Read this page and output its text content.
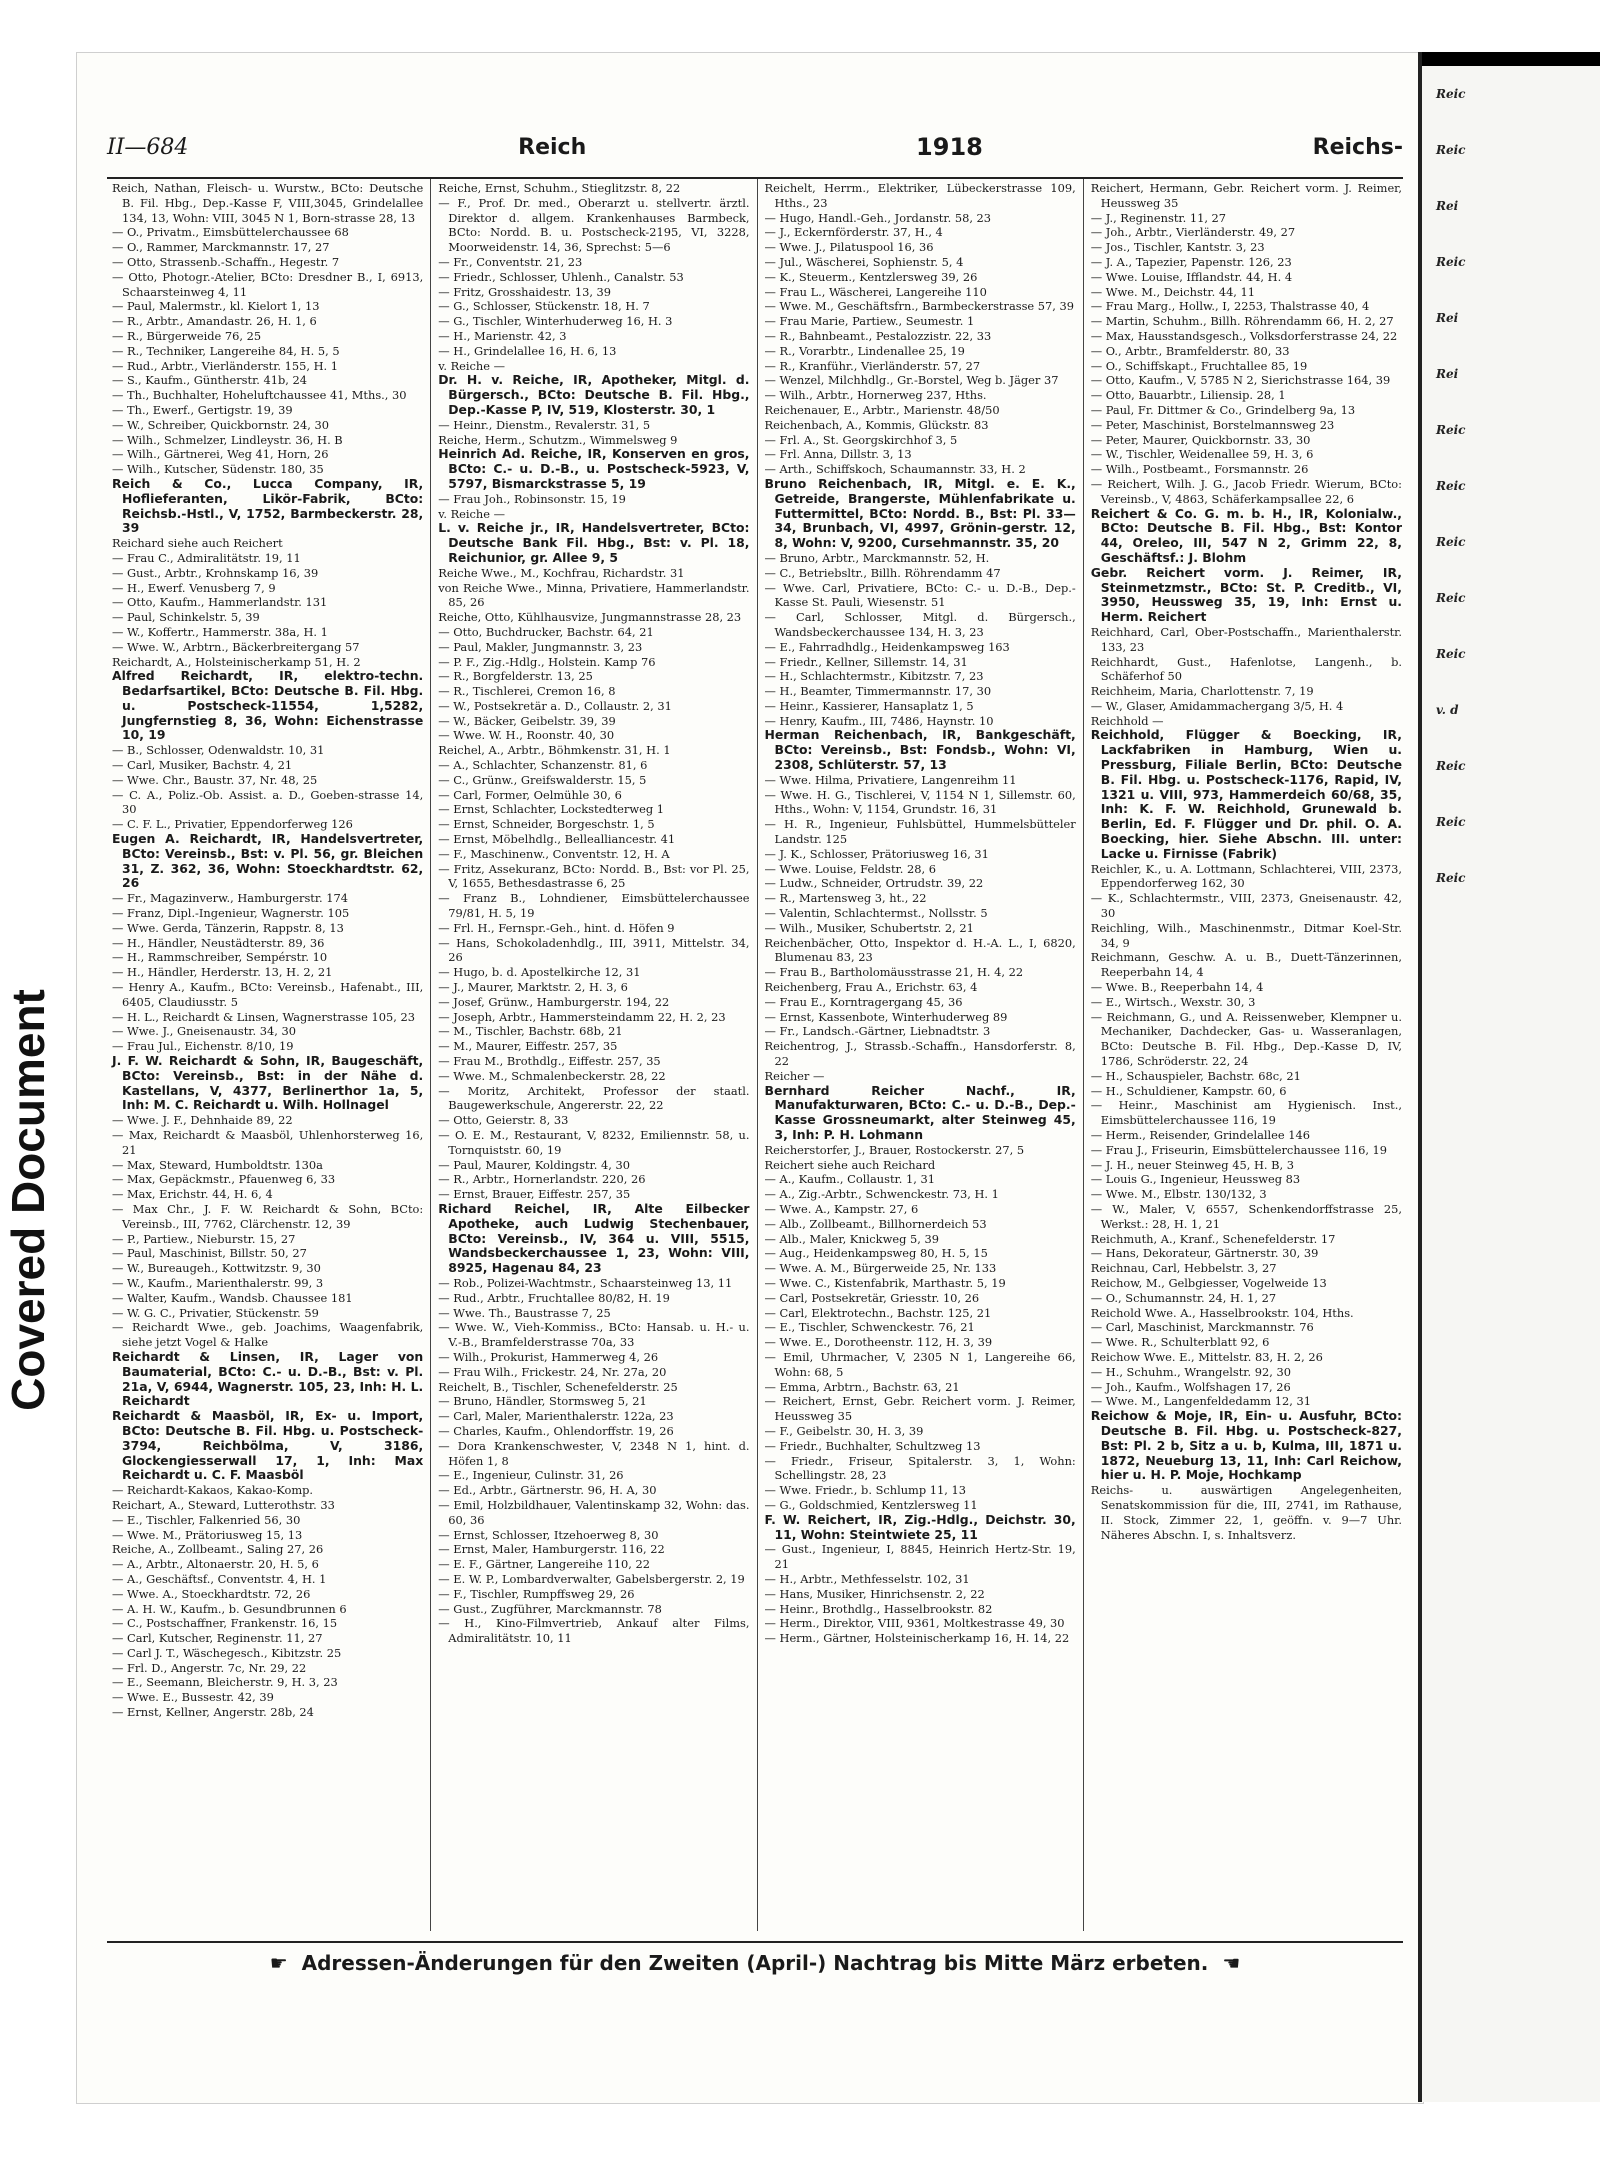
Covered Document
II—684	Reich	1918	Reichs-

Reich, Nathan, Fleisch- u. Wurstw., BCto: Deutsche B. Fil. Hbg., Dep.-Kasse F, VIII,3045, Grindelallee 134, 13, Wohn: VIII, 3045 N 1, Born-strasse 28, 13

— O., Privatm., Eimsbüttelerchaussee 68

— O., Rammer, Marckmannstr. 17, 27

— Otto, Strassenb.-Schaffn., Hegestr. 7

— Otto, Photogr.-Atelier, BCto: Dresdner B., I, 6913, Schaarsteinweg 4, 11

— Paul, Malermstr., kl. Kielort 1, 13

— R., Arbtr., Amandastr. 26, H. 1, 6

— R., Bürgerweide 76, 25

— R., Techniker, Langereihe 84, H. 5, 5

— Rud., Arbtr., Vierländerstr. 155, H. 1

— S., Kaufm., Güntherstr. 41b, 24

— Th., Buchhalter, Hoheluftchaussee 41, Mths., 30

— Th., Ewerf., Gertigstr. 19, 39

— W., Schreiber, Quickbornstr. 24, 30

— Wilh., Schmelzer, Lindleystr. 36, H. B

— Wilh., Gärtnerei, Weg 41, Horn, 26

— Wilh., Kutscher, Südenstr. 180, 35

Reich & Co., Lucca Company, IR, Hoflieferanten, Likör-Fabrik, BCto: Reichsb.-Hstl., V, 1752, Barmbeckerstr. 28, 39

Reichard siehe auch Reichert

— Frau C., Admiralitätstr. 19, 11

— Gust., Arbtr., Krohnskamp 16, 39

— H., Ewerf. Venusberg 7, 9

— Otto, Kaufm., Hammerlandstr. 131

— Paul, Schinkelstr. 5, 39

— W., Koffertr., Hammerstr. 38a, H. 1

— Wwe. W., Arbtrn., Bäckerbreitergang 57

Reichardt, A., Holsteinischerkamp 51, H. 2

Alfred Reichardt, IR, elektro-techn. Bedarfsartikel, BCto: Deutsche B. Fil. Hbg. u. Postscheck-11554, 1,5282, Jungfernstieg 8, 36, Wohn: Eichenstrasse 10, 19

— B., Schlosser, Odenwaldstr. 10, 31

— Carl, Musiker, Bachstr. 4, 21

— Wwe. Chr., Baustr. 37, Nr. 48, 25

— C. A., Poliz.-Ob. Assist. a. D., Goeben-strasse 14, 30

— C. F. L., Privatier, Eppendorferweg 126

Eugen A. Reichardt, IR, Handelsvertreter, BCto: Vereinsb., Bst: v. Pl. 56, gr. Bleichen 31, Z. 362, 36, Wohn: Stoeckhardtstr. 62, 26

— Fr., Magazinverw., Hamburgerstr. 174

— Franz, Dipl.-Ingenieur, Wagnerstr. 105

— Wwe. Gerda, Tänzerin, Rappstr. 8, 13

— H., Händler, Neustädterstr. 89, 36

— H., Rammschreiber, Sempérstr. 10

— H., Händler, Herderstr. 13, H. 2, 21

— Henry A., Kaufm., BCto: Vereinsb., Hafenabt., III, 6405, Claudiusstr. 5

— H. L., Reichardt & Linsen, Wagnerstrasse 105, 23

— Wwe. J., Gneisenaustr. 34, 30

— Frau Jul., Eichenstr. 8/10, 19

J. F. W. Reichardt & Sohn, IR, Baugeschäft, BCto: Vereinsb., Bst: in der Nähe d. Kastellans, V, 4377, Berlinerthor 1a, 5, Inh: M. C. Reichardt u. Wilh. Hollnagel

— Wwe. J. F., Dehnhaide 89, 22

— Max, Reichardt & Maasböl, Uhlenhorsterweg 16, 21

— Max, Steward, Humboldtstr. 130a

— Max, Gepäckmstr., Pfauenweg 6, 33

— Max, Erichstr. 44, H. 6, 4

— Max Chr., J. F. W. Reichardt & Sohn, BCto: Vereinsb., III, 7762, Clärchenstr. 12, 39

— P., Partiew., Nieburstr. 15, 27

— Paul, Maschinist, Billstr. 50, 27

— W., Bureaugeh., Kottwitzstr. 9, 30

— W., Kaufm., Marienthalerstr. 99, 3

— Walter, Kaufm., Wandsb. Chaussee 181

— W. G. C., Privatier, Stückenstr. 59

— Reichardt Wwe., geb. Joachims, Waagenfabrik, siehe jetzt Vogel & Halke

Reichardt & Linsen, IR, Lager von Baumaterial, BCto: C.- u. D.-B., Bst: v. Pl. 21a, V, 6944, Wagnerstr. 105, 23, Inh: H. L. Reichardt

Reichardt & Maasböl, IR, Ex- u. Import, BCto: Deutsche B. Fil. Hbg. u. Postscheck-3794, Reichbölma, V, 3186, Glockengiesserwall 17, 1, Inh: Max Reichardt u. C. F. Maasböl

— Reichardt-Kakaos, Kakao-Komp.

Reichart, A., Steward, Lutterothstr. 33

— E., Tischler, Falkenried 56, 30

— Wwe. M., Prätoriusweg 15, 13

Reiche, A., Zollbeamt., Saling 27, 26

— A., Arbtr., Altonaerstr. 20, H. 5, 6

— A., Geschäftsf., Conventstr. 4, H. 1

— Wwe. A., Stoeckhardtstr. 72, 26

— A. H. W., Kaufm., b. Gesundbrunnen 6

— C., Postschaffner, Frankenstr. 16, 15

— Carl, Kutscher, Reginenstr. 11, 27

— Carl J. T., Wäschegesch., Kibitzstr. 25

— Frl. D., Angerstr. 7c, Nr. 29, 22

— E., Seemann, Bleicherstr. 9, H. 3, 23

— Wwe. E., Bussestr. 42, 39

— Ernst, Kellner, Angerstr. 28b, 24

Reiche, Ernst, Schuhm., Stieglitzstr. 8, 22

— F., Prof. Dr. med., Oberarzt u. stellvertr. ärztl. Direktor d. allgem. Krankenhauses Barmbeck, BCto: Nordd. B. u. Postscheck-2195, VI, 3228, Moorweidenstr. 14, 36, Sprechst: 5—6

— Fr., Conventstr. 21, 23

— Friedr., Schlosser, Uhlenh., Canalstr. 53

— Fritz, Grosshaidestr. 13, 39

— G., Schlosser, Stückenstr. 18, H. 7

— G., Tischler, Winterhuderweg 16, H. 3

— H., Marienstr. 42, 3

— H., Grindelallee 16, H. 6, 13

v. Reiche —

Dr. H. v. Reiche, IR, Apotheker, Mitgl. d. Bürgersch., BCto: Deutsche B. Fil. Hbg., Dep.-Kasse P, IV, 519, Klosterstr. 30, 1

— Heinr., Dienstm., Revalerstr. 31, 5

Reiche, Herm., Schutzm., Wimmelsweg 9

Heinrich Ad. Reiche, IR, Konserven en gros, BCto: C.- u. D.-B., u. Postscheck-5923, V, 5797, Bismarckstrasse 5, 19

— Frau Joh., Robinsonstr. 15, 19

v. Reiche —

L. v. Reiche jr., IR, Handelsvertreter, BCto: Deutsche Bank Fil. Hbg., Bst: v. Pl. 18, Reichunior, gr. Allee 9, 5

Reiche Wwe., M., Kochfrau, Richardstr. 31

von Reiche Wwe., Minna, Privatiere, Hammerlandstr. 85, 26

Reiche, Otto, Kühlhausvize, Jungmannstrasse 28, 23

— Otto, Buchdrucker, Bachstr. 64, 21

— Paul, Makler, Jungmannstr. 3, 23

— P. F., Zig.-Hdlg., Holstein. Kamp 76

— R., Borgfelderstr. 13, 25

— R., Tischlerei, Cremon 16, 8

— W., Postsekretär a. D., Collaustr. 2, 31

— W., Bäcker, Geibelstr. 39, 39

— Wwe. W. H., Roonstr. 40, 30

Reichel, A., Arbtr., Böhmkenstr. 31, H. 1

— A., Schlachter, Schanzenstr. 81, 6

— C., Grünw., Greifswalderstr. 15, 5

— Carl, Former, Oelmühle 30, 6

— Ernst, Schlachter, Lockstedterweg 1

— Ernst, Schneider, Borgeschstr. 1, 5

— Ernst, Möbelhdlg., Bellealliancestr. 41

— F., Maschinenw., Conventstr. 12, H. A

— Fritz, Assekuranz, BCto: Nordd. B., Bst: vor Pl. 25, V, 1655, Bethesdastrasse 6, 25

— Franz B., Lohndiener, Eimsbüttelerchaussee 79/81, H. 5, 19

— Frl. H., Fernspr.-Geh., hint. d. Höfen 9

— Hans, Schokoladenhdlg., III, 3911, Mittelstr. 34, 26

— Hugo, b. d. Apostelkirche 12, 31

— J., Maurer, Marktstr. 2, H. 3, 6

— Josef, Grünw., Hamburgerstr. 194, 22

— Joseph, Arbtr., Hammersteindamm 22, H. 2, 23

— M., Tischler, Bachstr. 68b, 21

— M., Maurer, Eiffestr. 257, 35

— Frau M., Brothdlg., Eiffestr. 257, 35

— Wwe. M., Schmalenbeckerstr. 28, 22

— Moritz, Architekt, Professor der staatl. Baugewerkschule, Angererstr. 22, 22

— Otto, Geierstr. 8, 33

— O. E. M., Restaurant, V, 8232, Emiliennstr. 58, u. Tornquiststr. 60, 19

— Paul, Maurer, Koldingstr. 4, 30

— R., Arbtr., Hornerlandstr. 220, 26

— Ernst, Brauer, Eiffestr. 257, 35

Richard Reichel, IR, Alte Eilbecker Apotheke, auch Ludwig Stechenbauer, BCto: Vereinsb., IV, 364 u. VIII, 5515, Wandsbeckerchaussee 1, 23, Wohn: VIII, 8925, Hagenau 84, 23

— Rob., Polizei-Wachtmstr., Schaarsteinweg 13, 11

— Rud., Arbtr., Fruchtallee 80/82, H. 19

— Wwe. Th., Baustrasse 7, 25

— Wwe. W., Vieh-Kommiss., BCto: Hansab. u. H.- u. V.-B., Bramfelderstrasse 70a, 33

— Wilh., Prokurist, Hammerweg 4, 26

— Frau Wilh., Frickestr. 24, Nr. 27a, 20

Reichelt, B., Tischler, Schenefelderstr. 25

— Bruno, Händler, Stormsweg 5, 21

— Carl, Maler, Marienthalerstr. 122a, 23

— Charles, Kaufm., Ohlendorffstr. 19, 26

— Dora Krankenschwester, V, 2348 N 1, hint. d. Höfen 1, 8

— E., Ingenieur, Culinstr. 31, 26

— Ed., Arbtr., Gärtnerstr. 96, H. A, 30

— Emil, Holzbildhauer, Valentinskamp 32, Wohn: das. 60, 36

— Ernst, Schlosser, Itzehoerweg 8, 30

— Ernst, Maler, Hamburgerstr. 116, 22

— E. F., Gärtner, Langereihe 110, 22

— E. W. P., Lombardverwalter, Gabelsbergerstr. 2, 19

— F., Tischler, Rumpffsweg 29, 26

— Gust., Zugführer, Marckmannstr. 78

— H., Kino-Filmvertrieb, Ankauf alter Films, Admiralitätstr. 10, 11

Reichelt, Herrm., Elektriker, Lübeckerstrasse 109, Hths., 23

— Hugo, Handl.-Geh., Jordanstr. 58, 23

— J., Eckernförderstr. 37, H., 4

— Wwe. J., Pilatuspool 16, 36

— Jul., Wäscherei, Sophienstr. 5, 4

— K., Steuerm., Kentzlersweg 39, 26

— Frau L., Wäscherei, Langereihe 110

— Wwe. M., Geschäftsfrn., Barmbeckerstrasse 57, 39

— Frau Marie, Partiew., Seumestr. 1

— R., Bahnbeamt., Pestalozzistr. 22, 33

— R., Vorarbtr., Lindenallee 25, 19

— R., Kranführ., Vierländerstr. 57, 27

— Wenzel, Milchhdlg., Gr.-Borstel, Weg b. Jäger 37

— Wilh., Arbtr., Hornerweg 237, Hths.

Reichenauer, E., Arbtr., Marienstr. 48/50

Reichenbach, A., Kommis, Glückstr. 83

— Frl. A., St. Georgskirchhof 3, 5

— Frl. Anna, Dillstr. 3, 13

— Arth., Schiffskoch, Schaumannstr. 33, H. 2

Bruno Reichenbach, IR, Mitgl. e. E. K., Getreide, Brangerste, Mühlenfabrikate u. Futtermittel, BCto: Nordd. B., Bst: Pl. 33—34, Brunbach, VI, 4997, Grönin-gerstr. 12, 8, Wohn: V, 9200, Cursehmannstr. 35, 20

— Bruno, Arbtr., Marckmannstr. 52, H.

— C., Betriebsltr., Billh. Röhrendamm 47

— Wwe. Carl, Privatiere, BCto: C.- u. D.-B., Dep.-Kasse St. Pauli, Wiesenstr. 51

— Carl, Schlosser, Mitgl. d. Bürgersch., Wandsbeckerchaussee 134, H. 3, 23

— E., Fahrradhdlg., Heidenkampsweg 163

— Friedr., Kellner, Sillemstr. 14, 31

— H., Schlachtermstr., Kibitzstr. 7, 23

— H., Beamter, Timmermannstr. 17, 30

— Heinr., Kassierer, Hansaplatz 1, 5

— Henry, Kaufm., III, 7486, Haynstr. 10

Herman Reichenbach, IR, Bankgeschäft, BCto: Vereinsb., Bst: Fondsb., Wohn: VI, 2308, Schlüterstr. 57, 13

— Wwe. Hilma, Privatiere, Langenreihm 11

— Wwe. H. G., Tischlerei, V, 1154 N 1, Sillemstr. 60, Hths., Wohn: V, 1154, Grundstr. 16, 31

— H. R., Ingenieur, Fuhlsbüttel, Hummelsbütteler Landstr. 125

— J. K., Schlosser, Prätoriusweg 16, 31

— Wwe. Louise, Feldstr. 28, 6

— Ludw., Schneider, Ortrudstr. 39, 22

— R., Martensweg 3, ht., 22

— Valentin, Schlachtermst., Nollsstr. 5

— Wilh., Musiker, Schubertstr. 2, 21

Reichenbächer, Otto, Inspektor d. H.-A. L., I, 6820, Blumenau 83, 23

— Frau B., Bartholomäusstrasse 21, H. 4, 22

Reichenberg, Frau A., Erichstr. 63, 4

— Frau E., Korntragergang 45, 36

— Ernst, Kassenbote, Winterhuderweg 89

— Fr., Landsch.-Gärtner, Liebnadtstr. 3

Reichentrog, J., Strassb.-Schaffn., Hansdorferstr. 8, 22

Reicher —

Bernhard Reicher Nachf., IR, Manufakturwaren, BCto: C.- u. D.-B., Dep.-Kasse Grossneumarkt, alter Steinweg 45, 3, Inh: P. H. Lohmann

Reicherstorfer, J., Brauer, Rostockerstr. 27, 5

Reichert siehe auch Reichard

— A., Kaufm., Collaustr. 1, 31

— A., Zig.-Arbtr., Schwenckestr. 73, H. 1

— Wwe. A., Kampstr. 27, 6

— Alb., Zollbeamt., Billhornerdeich 53

— Alb., Maler, Knickweg 5, 39

— Aug., Heidenkampsweg 80, H. 5, 15

— Wwe. A. M., Bürgerweide 25, Nr. 133

— Wwe. C., Kistenfabrik, Marthastr. 5, 19

— Carl, Postsekretär, Griesstr. 10, 26

— Carl, Elektrotechn., Bachstr. 125, 21

— E., Tischler, Schwenckestr. 76, 21

— Wwe. E., Dorotheenstr. 112, H. 3, 39

— Emil, Uhrmacher, V, 2305 N 1, Langereihe 66, Wohn: 68, 5

— Emma, Arbtrn., Bachstr. 63, 21

— Reichert, Ernst, Gebr. Reichert vorm. J. Reimer, Heussweg 35

— F., Geibelstr. 30, H. 3, 39

— Friedr., Buchhalter, Schultzweg 13

— Friedr., Friseur, Spitalerstr. 3, 1, Wohn: Schellingstr. 28, 23

— Wwe. Friedr., b. Schlump 11, 13

— G., Goldschmied, Kentzlersweg 11

F. W. Reichert, IR, Zig.-Hdlg., Deichstr. 30, 11, Wohn: Steintwiete 25, 11

— Gust., Ingenieur, I, 8845, Heinrich Hertz-Str. 19, 21

— H., Arbtr., Methfesselstr. 102, 31

— Hans, Musiker, Hinrichsenstr. 2, 22

— Heinr., Brothdlg., Hasselbrookstr. 82

— Herm., Direktor, VIII, 9361, Moltkestrasse 49, 30

— Herm., Gärtner, Holsteinischerkamp 16, H. 14, 22

Reichert, Hermann, Gebr. Reichert vorm. J. Reimer, Heussweg 35

— J., Reginenstr. 11, 27

— Joh., Arbtr., Vierländerstr. 49, 27

— Jos., Tischler, Kantstr. 3, 23

— J. A., Tapezier, Papenstr. 126, 23

— Wwe. Louise, Ifflandstr. 44, H. 4

— Wwe. M., Deichstr. 44, 11

— Frau Marg., Hollw., I, 2253, Thalstrasse 40, 4

— Martin, Schuhm., Billh. Röhrendamm 66, H. 2, 27

— Max, Hausstandsgesch., Volksdorferstrasse 24, 22

— O., Arbtr., Bramfelderstr. 80, 33

— O., Schiffskapt., Fruchtallee 85, 19

— Otto, Kaufm., V, 5785 N 2, Sierichstrasse 164, 39

— Otto, Bauarbtr., Liliensiр. 28, 1

— Paul, Fr. Dittmer & Co., Grindelberg 9a, 13

— Peter, Maschinist, Borstelmannsweg 23

— Peter, Maurer, Quickbornstr. 33, 30

— W., Tischler, Weidenallee 59, H. 3, 6

— Wilh., Postbeamt., Forsmannstr. 26

— Reichert, Wilh. J. G., Jacob Friedr. Wierum, BCto: Vereinsb., V, 4863, Schäferkampsallee 22, 6

Reichert & Co. G. m. b. H., IR, Kolonialw., BCto: Deutsche B. Fil. Hbg., Bst: Kontor 44, Oreleo, III, 547 N 2, Grimm 22, 8, Geschäftsf.: J. Blohm

Gebr. Reichert vorm. J. Reimer, IR, Steinmetzmstr., BCto: St. P. Creditb., VI, 3950, Heussweg 35, 19, Inh: Ernst u. Herm. Reichert

Reichhard, Carl, Ober-Postschaffn., Marienthalerstr. 133, 23

Reichhardt, Gust., Hafenlotse, Langenh., b. Schäferhof 50

Reichheim, Maria, Charlottenstr. 7, 19

— W., Glaser, Amidammachergang 3/5, H. 4

Reichhold —

Reichhold, Flügger & Boecking, IR, Lackfabriken in Hamburg, Wien u. Pressburg, Filiale Berlin, BCto: Deutsche B. Fil. Hbg. u. Postscheck-1176, Rapid, IV, 1321 u. VIII, 973, Hammerdeich 60/68, 35, Inh: K. F. W. Reichhold, Grunewald b. Berlin, Ed. F. Flügger und Dr. phil. O. A. Boecking, hier. Siehe Abschn. III. unter: Lacke u. Firnisse (Fabrik)

Reichler, K., u. A. Lottmann, Schlachterei, VIII, 2373, Eppendorferweg 162, 30

— K., Schlachtermstr., VIII, 2373, Gneisenaustr. 42, 30

Reichling, Wilh., Maschinenmstr., Ditmar Koel-Str. 34, 9

Reichmann, Geschw. A. u. B., Duett-Tänzerinnen, Reeperbahn 14, 4

— Wwe. B., Reeperbahn 14, 4

— E., Wirtsch., Wexstr. 30, 3

— Reichmann, G., und A. Reissenweber, Klempner u. Mechaniker, Dachdecker, Gas- u. Wasseranlagen, BCto: Deutsche B. Fil. Hbg., Dep.-Kasse D, IV, 1786, Schröderstr. 22, 24

— H., Schauspieler, Bachstr. 68c, 21

— H., Schuldiener, Kampstr. 60, 6

— Heinr., Maschinist am Hygienisch. Inst., Eimsbüttelerchaussee 116, 19

— Herm., Reisender, Grindelallee 146

— Frau J., Friseurin, Eimsbüttelerchaussee 116, 19

— J. H., neuer Steinweg 45, H. B, 3

— Louis G., Ingenieur, Heussweg 83

— Wwe. M., Elbstr. 130/132, 3

— W., Maler, V, 6557, Schenkendorffstrasse 25, Werkst.: 28, H. 1, 21

Reichmuth, A., Kranf., Schenefelderstr. 17

— Hans, Dekorateur, Gärtnerstr. 30, 39

Reichnau, Carl, Hebbelstr. 3, 27

Reichow, M., Gelbgiesser, Vogelweide 13

— O., Schumannstr. 24, H. 1, 27

Reichold Wwe. A., Hasselbrookstr. 104, Hths.

— Carl, Maschinist, Marckmannstr. 76

— Wwe. R., Schulterblatt 92, 6

Reichow Wwe. E., Mittelstr. 83, H. 2, 26

— H., Schuhm., Wrangelstr. 92, 30

— Joh., Kaufm., Wolfshagen 17, 26

— Wwe. M., Langenfeldedamm 12, 31

Reichow & Moje, IR, Ein- u. Ausfuhr, BCto: Deutsche B. Fil. Hbg. u. Postscheck-827, Bst: Pl. 2 b, Sitz a u. b, Kulma, III, 1871 u. 1872, Neueburg 13, 11, Inh: Carl Reichow, hier u. H. P. Moje, Hochkamp

Reichs- u. auswärtigen Angelegenheiten, Senatskommission für die, III, 2741, im Rathause, II. Stock, Zimmer 22, 1, geöffn. v. 9—7 Uhr. Näheres Abschn. I, s. Inhaltsverz.

☛ Adressen-Änderungen für den Zweiten (April-) Nachtrag bis Mitte März erbeten. ☚
Reic
Reic
Rei
Reic
Rei
Rei
Reic
Reic
Reic
Reic
Reic
v. d
Reic
Reic
Reic
